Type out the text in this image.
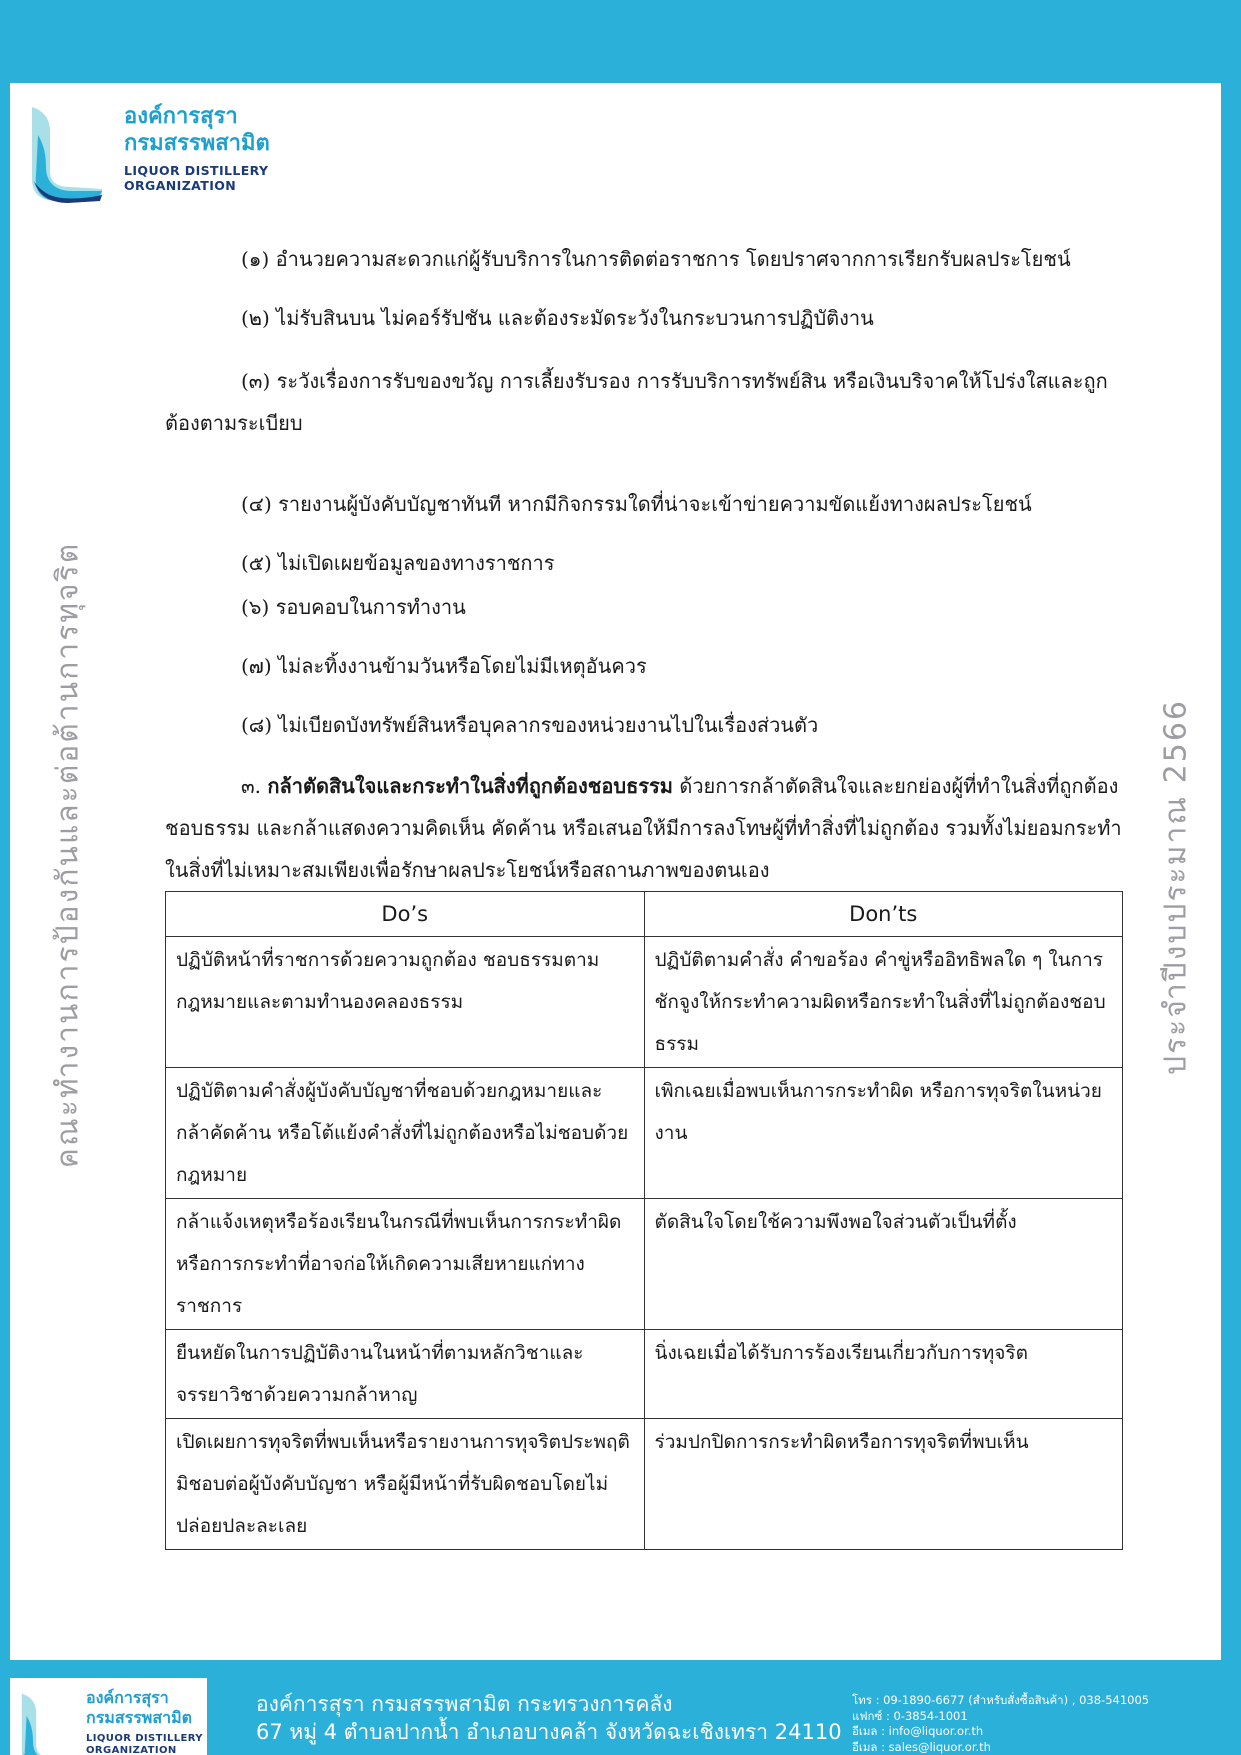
องค์การสุรา
กรมสรรพสามิต
LIQUOR DISTILLERY
ORGANIZATION
คณะทำงานการป้องกันและต่อต้านการทุจริต	ประจำปีงบประมาณ 2566
(๑) อำนวยความสะดวกแก่ผู้รับบริการในการติดต่อราชการ โดยปราศจากการเรียกรับผลประโยชน์
(๒) ไม่รับสินบน ไม่คอร์รัปชัน และต้องระมัดระวังในกระบวนการปฏิบัติงาน
(๓) ระวังเรื่องการรับของขวัญ การเลี้ยงรับรอง การรับบริการทรัพย์สิน หรือเงินบริจาคให้โปร่งใสและถูกต้องตามระเบียบ
(๔) รายงานผู้บังคับบัญชาทันที หากมีกิจกรรมใดที่น่าจะเข้าข่ายความขัดแย้งทางผลประโยชน์
(๕) ไม่เปิดเผยข้อมูลของทางราชการ
(๖) รอบคอบในการทำงาน
(๗) ไม่ละทิ้งงานข้ามวันหรือโดยไม่มีเหตุอันควร
(๘) ไม่เบียดบังทรัพย์สินหรือบุคลากรของหน่วยงานไปในเรื่องส่วนตัว
๓. กล้าตัดสินใจและกระทำในสิ่งที่ถูกต้องชอบธรรม ด้วยการกล้าตัดสินใจและยกย่องผู้ที่ทำในสิ่งที่ถูกต้อง ชอบธรรม และกล้าแสดงความคิดเห็น คัดค้าน หรือเสนอให้มีการลงโทษผู้ที่ทำสิ่งที่ไม่ถูกต้อง รวมทั้งไม่ยอมกระทำในสิ่งที่ไม่เหมาะสมเพียงเพื่อรักษาผลประโยชน์หรือสถานภาพของตนเอง
Do’s	Don’ts
ปฏิบัติหน้าที่ราชการด้วยความถูกต้อง ชอบธรรมตามกฎหมายและตามทำนองคลองธรรม	ปฏิบัติตามคำสั่ง คำขอร้อง คำขู่หรืออิทธิพลใด ๆ ในการชักจูงให้กระทำความผิดหรือกระทำในสิ่งที่ไม่ถูกต้องชอบธรรม
ปฏิบัติตามคำสั่งผู้บังคับบัญชาที่ชอบด้วยกฎหมายและกล้าคัดค้าน หรือโต้แย้งคำสั่งที่ไม่ถูกต้องหรือไม่ชอบด้วยกฎหมาย	เพิกเฉยเมื่อพบเห็นการกระทำผิด หรือการทุจริตในหน่วยงาน
กล้าแจ้งเหตุหรือร้องเรียนในกรณีที่พบเห็นการกระทำผิดหรือการกระทำที่อาจก่อให้เกิดความเสียหายแก่ทางราชการ	ตัดสินใจโดยใช้ความพึงพอใจส่วนตัวเป็นที่ตั้ง
ยืนหยัดในการปฏิบัติงานในหน้าที่ตามหลักวิชาและจรรยาวิชาด้วยความกล้าหาญ	นิ่งเฉยเมื่อได้รับการร้องเรียนเกี่ยวกับการทุจริต
เปิดเผยการทุจริตที่พบเห็นหรือรายงานการทุจริตประพฤติมิชอบต่อผู้บังคับบัญชา หรือผู้มีหน้าที่รับผิดชอบโดยไม่ปล่อยปละละเลย	ร่วมปกปิดการกระทำผิดหรือการทุจริตที่พบเห็น
องค์การสุรา
กรมสรรพสามิต
LIQUOR DISTILLERY
ORGANIZATION
องค์การสุรา กรมสรรพสามิต กระทรวงการคลัง
67 หมู่ 4 ตำบลปากน้ำ อำเภอบางคล้า จังหวัดฉะเชิงเทรา 24110
โทร : 09-1890-6677 (สำหรับสั่งซื้อสินค้า) , 038-541005
แฟกซ์ : 0-3854-1001
อีเมล : info@liquor.or.th
อีเมล : sales@liquor.or.th
